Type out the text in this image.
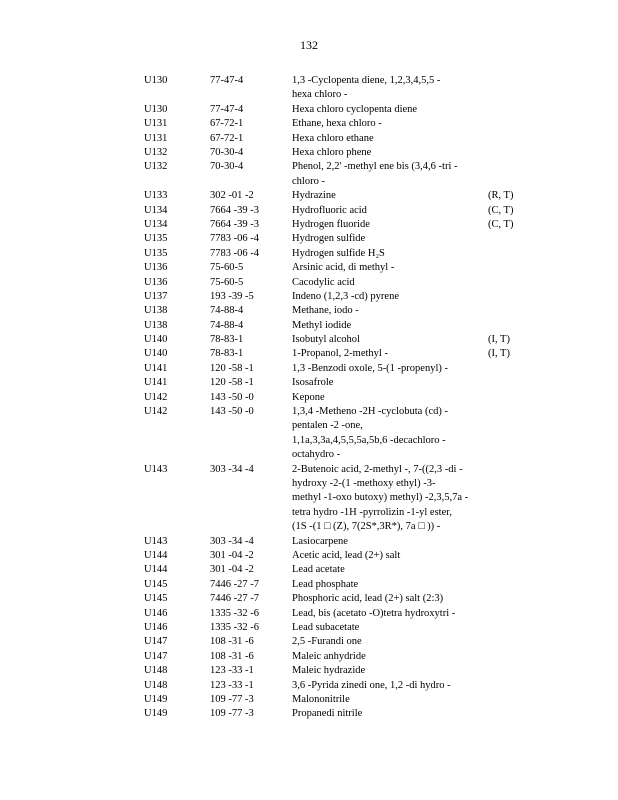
132
U130	77-47-4	1,3 -Cyclopenta diene, 1,2,3,4,5,5 -
hexa chloro -
U130	77-47-4	Hexa chloro cyclopenta diene
U131	67-72-1	Ethane, hexa chloro -
U131	67-72-1	Hexa chloro ethane
U132	70-30-4	Hexa chloro phene
U132	70-30-4	Phenol, 2,2' -methyl ene bis (3,4,6 -tri -
chloro -
U133	302 -01 -2	Hydrazine	(R, T)
U134	7664 -39 -3	Hydrofluoric acid	(C, T)
U134	7664 -39 -3	Hydrogen fluoride	(C, T)
U135	7783 -06 -4	Hydrogen sulfide
U135	7783 -06 -4	Hydrogen sulfide H₂S
U136	75-60-5	Arsinic acid, di methyl -
U136	75-60-5	Cacodylic acid
U137	193 -39 -5	Indeno (1,2,3 -cd) pyrene
U138	74-88-4	Methane, iodo -
U138	74-88-4	Methyl iodide
U140	78-83-1	Isobutyl alcohol	(I, T)
U140	78-83-1	1-Propanol, 2-methyl -	(I, T)
U141	120 -58 -1	1,3 -Benzodi oxole, 5-(1 -propenyl) -
U141	120 -58 -1	Isosafrole
U142	143 -50 -0	Kepone
U142	143 -50 -0	1,3,4 -Metheno -2H -cyclobuta (cd) -
pentalen -2 -one,
1,1a,3,3a,4,5,5,5a,5b,6 -decachloro -
octahydro -
U143	303 -34 -4	2-Butenoic acid, 2-methyl -, 7-((2,3 -di -
hydroxy -2-(1 -methoxy ethyl) -3-
methyl -1-oxo butoxy) methyl) -2,3,5,7a -
tetra hydro -1H -pyrrolizin -1-yl ester,
(1S -(1 □ (Z), 7(2S*,3R*), 7a □ )) -
U143	303 -34 -4	Lasiocarpene
U144	301 -04 -2	Acetic acid, lead (2+) salt
U144	301 -04 -2	Lead acetate
U145	7446 -27 -7	Lead phosphate
U145	7446 -27 -7	Phosphoric acid, lead (2+) salt (2:3)
U146	1335 -32 -6	Lead, bis (acetato -O)tetra hydroxytri -
U146	1335 -32 -6	Lead subacetate
U147	108 -31 -6	2,5 -Furandi one
U147	108 -31 -6	Maleic anhydride
U148	123 -33 -1	Maleic hydrazide
U148	123 -33 -1	3,6 -Pyrida zinedi one, 1,2 -di hydro -
U149	109 -77 -3	Malononitrile
U149	109 -77 -3	Propanedi nitrile
